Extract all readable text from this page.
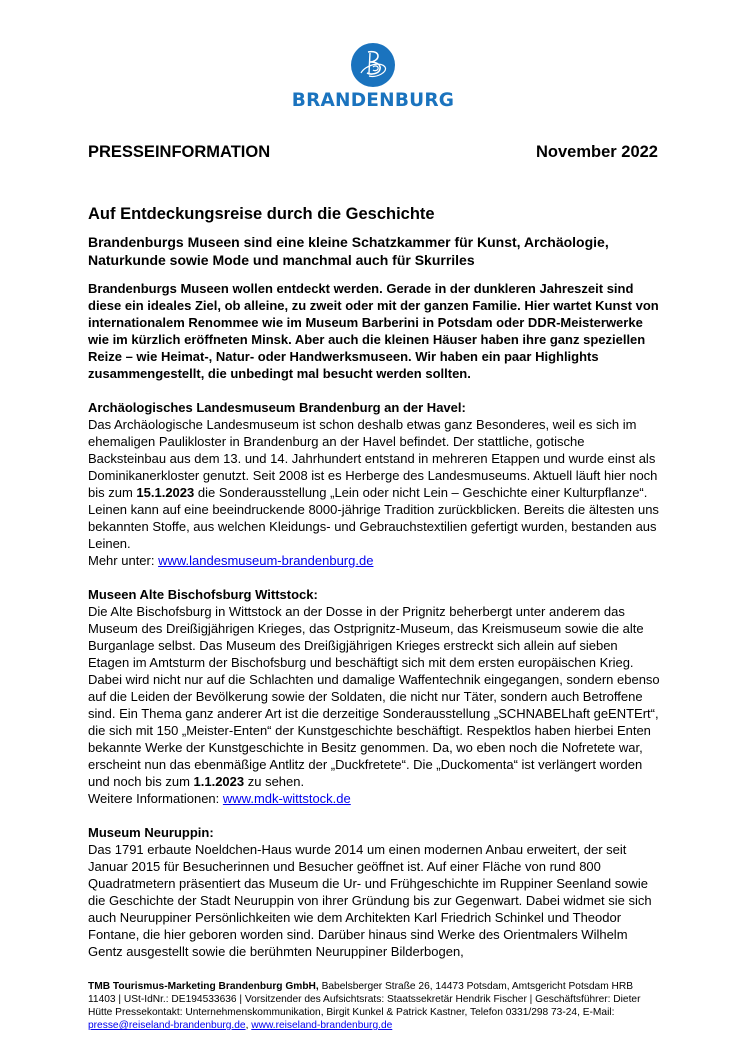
BRANDENBURG
PRESSEINFORMATION	November 2022
Auf Entdeckungsreise durch die Geschichte
Brandenburgs Museen sind eine kleine Schatzkammer für Kunst, Archäologie, Naturkunde sowie Mode und manchmal auch für Skurriles
Brandenburgs Museen wollen entdeckt werden. Gerade in der dunkleren Jahreszeit sind diese ein ideales Ziel, ob alleine, zu zweit oder mit der ganzen Familie. Hier wartet Kunst von internationalem Renommee wie im Museum Barberini in Potsdam oder DDR-Meisterwerke wie im kürzlich eröffneten Minsk. Aber auch die kleinen Häuser haben ihre ganz speziellen Reize – wie Heimat-, Natur- oder Handwerksmuseen. Wir haben ein paar Highlights zusammengestellt, die unbedingt mal besucht werden sollten.
Archäologisches Landesmuseum Brandenburg an der Havel:
Das Archäologische Landesmuseum ist schon deshalb etwas ganz Besonderes, weil es sich im ehemaligen Paulikloster in Brandenburg an der Havel befindet. Der stattliche, gotische Backsteinbau aus dem 13. und 14. Jahrhundert entstand in mehreren Etappen und wurde einst als Dominikanerkloster genutzt. Seit 2008 ist es Herberge des Landesmuseums. Aktuell läuft hier noch bis zum 15.1.2023 die Sonderausstellung „Lein oder nicht Lein – Geschichte einer Kulturpflanze“. Leinen kann auf eine beeindruckende 8000-jährige Tradition zurückblicken. Bereits die ältesten uns bekannten Stoffe, aus welchen Kleidungs- und Gebrauchstextilien gefertigt wurden, bestanden aus Leinen.
Mehr unter: www.landesmuseum-brandenburg.de
Museen Alte Bischofsburg Wittstock:
Die Alte Bischofsburg in Wittstock an der Dosse in der Prignitz beherbergt unter anderem das Museum des Dreißigjährigen Krieges, das Ostprignitz-Museum, das Kreismuseum sowie die alte Burganlage selbst. Das Museum des Dreißigjährigen Krieges erstreckt sich allein auf sieben Etagen im Amtsturm der Bischofsburg und beschäftigt sich mit dem ersten europäischen Krieg. Dabei wird nicht nur auf die Schlachten und damalige Waffentechnik eingegangen, sondern ebenso auf die Leiden der Bevölkerung sowie der Soldaten, die nicht nur Täter, sondern auch Betroffene sind. Ein Thema ganz anderer Art ist die derzeitige Sonderausstellung „SCHNABELhaft geENTErt“, die sich mit 150 „Meister-Enten“ der Kunstgeschichte beschäftigt. Respektlos haben hierbei Enten bekannte Werke der Kunstgeschichte in Besitz genommen. Da, wo eben noch die Nofretete war, erscheint nun das ebenmäßige Antlitz der „Duckfretete“. Die „Duckomenta“ ist verlängert worden und noch bis zum 1.1.2023 zu sehen.
Weitere Informationen: www.mdk-wittstock.de
Museum Neuruppin:
Das 1791 erbaute Noeldchen-Haus wurde 2014 um einen modernen Anbau erweitert, der seit Januar 2015 für Besucherinnen und Besucher geöffnet ist. Auf einer Fläche von rund 800 Quadratmetern präsentiert das Museum die Ur- und Frühgeschichte im Ruppiner Seenland sowie die Geschichte der Stadt Neuruppin von ihrer Gründung bis zur Gegenwart. Dabei widmet sie sich auch Neuruppiner Persönlichkeiten wie dem Architekten Karl Friedrich Schinkel und Theodor Fontane, die hier geboren worden sind. Darüber hinaus sind Werke des Orientmalers Wilhelm Gentz ausgestellt sowie die berühmten Neuruppiner Bilderbogen,
TMB Tourismus-Marketing Brandenburg GmbH, Babelsberger Straße 26, 14473 Potsdam, Amtsgericht Potsdam HRB 11403 | USt-IdNr.: DE194533636 | Vorsitzender des Aufsichtsrats: Staatssekretär Hendrik Fischer | Geschäftsführer: Dieter Hütte Pressekontakt: Unternehmenskommunikation, Birgit Kunkel & Patrick Kastner, Telefon 0331/298 73-24, E-Mail: presse@reiseland-brandenburg.de, www.reiseland-brandenburg.de
